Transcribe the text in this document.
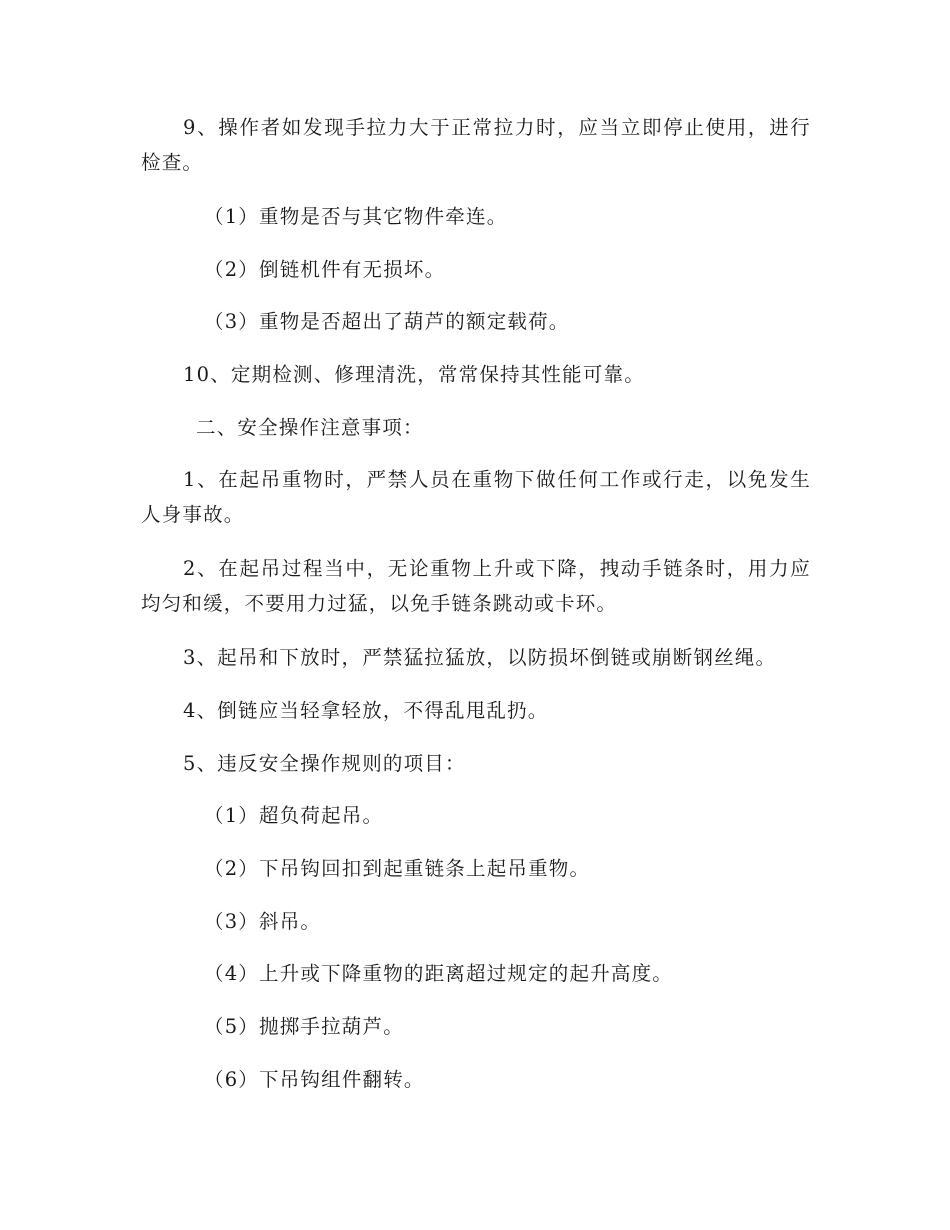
9、操作者如发现手拉力大于正常拉力时，应当立即停止使用，进行检查。

（1）重物是否与其它物件牵连。

（2）倒链机件有无损坏。

（3）重物是否超出了葫芦的额定载荷。

10、定期检测、修理清洗，常常保持其性能可靠。

二、安全操作注意事项：

1、在起吊重物时，严禁人员在重物下做任何工作或行走，以免发生人身事故。

2、在起吊过程当中，无论重物上升或下降，拽动手链条时，用力应均匀和缓，不要用力过猛，以免手链条跳动或卡环。

3、起吊和下放时，严禁猛拉猛放，以防损坏倒链或崩断钢丝绳。

4、倒链应当轻拿轻放，不得乱甩乱扔。

5、违反安全操作规则的项目：

（1）超负荷起吊。

（2）下吊钩回扣到起重链条上起吊重物。

（3）斜吊。

（4）上升或下降重物的距离超过规定的起升高度。

（5）抛掷手拉葫芦。

（6）下吊钩组件翻转。
